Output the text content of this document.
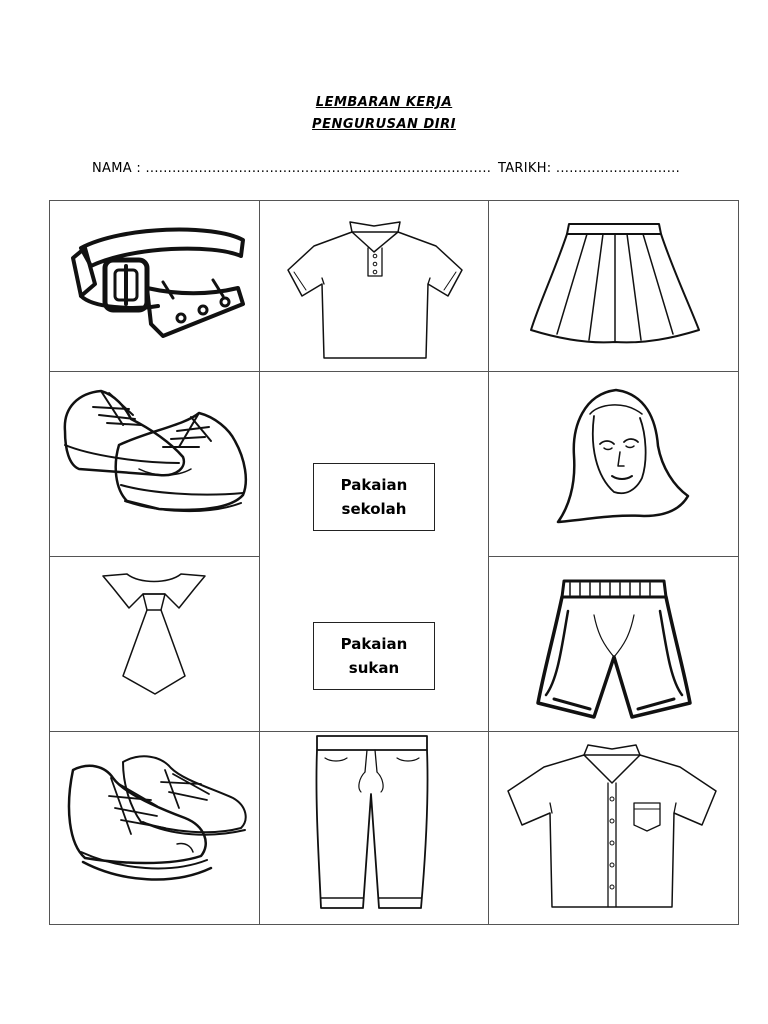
LEMBARAN KERJA
PENGURUSAN DIRI
NAMA : .............................................................................. TARIKH: ............................
Pakaian
sekolah
Pakaian
sukan
